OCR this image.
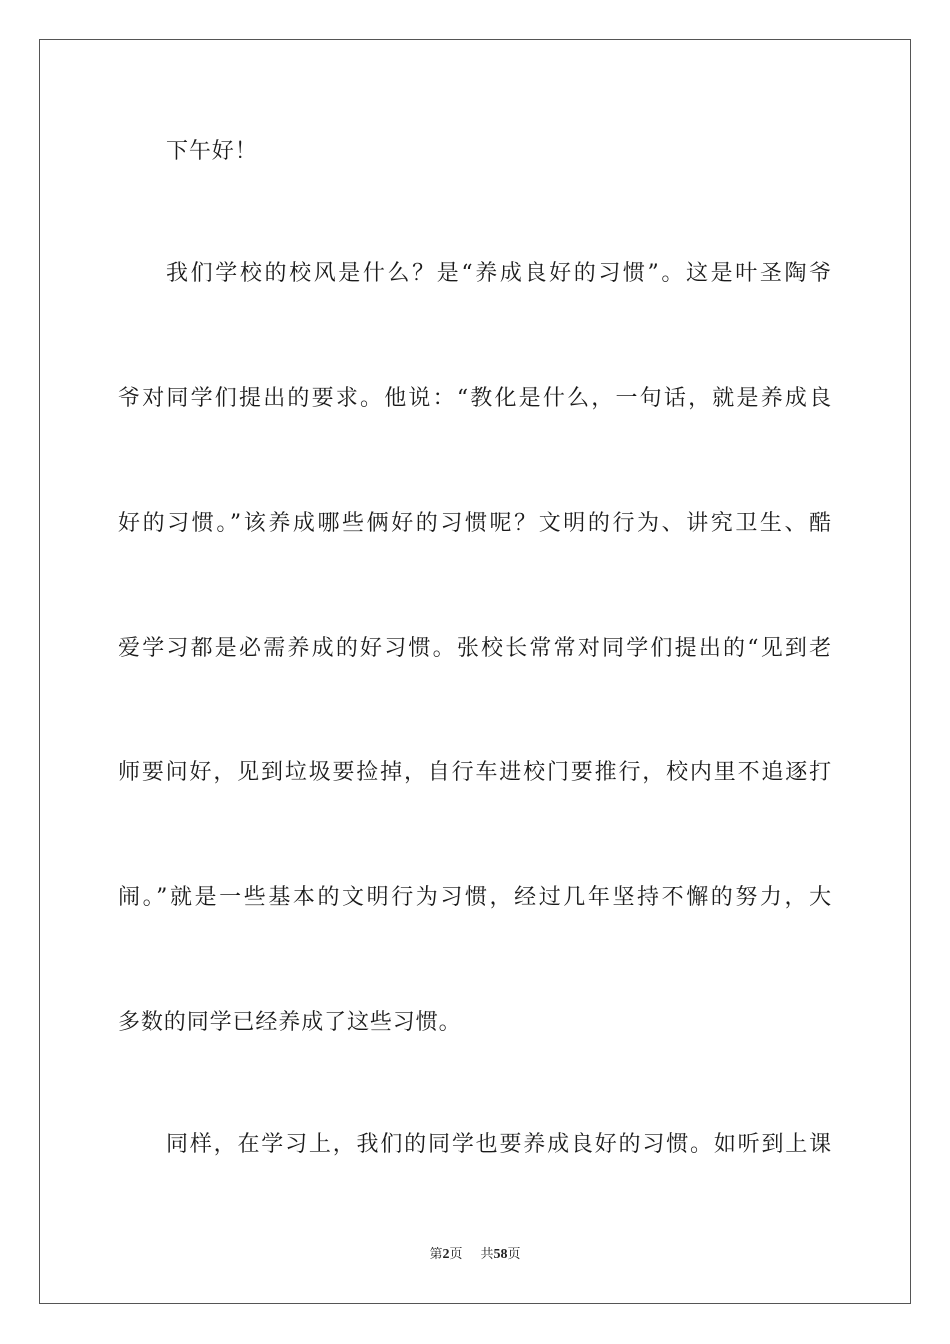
下午好！
我们学校的校风是什么？是“养成良好的习惯”。这是叶圣陶爷
爷对同学们提出的要求。他说：“教化是什么，一句话，就是养成良
好的习惯。”该养成哪些俩好的习惯呢？文明的行为、讲究卫生、酷
爱学习都是必需养成的好习惯。张校长常常对同学们提出的“见到老
师要问好，见到垃圾要捡掉，自行车进校门要推行，校内里不追逐打
闹。”就是一些基本的文明行为习惯，经过几年坚持不懈的努力，大
多数的同学已经养成了这些习惯。
同样，在学习上，我们的同学也要养成良好的习惯。如听到上课
第2页 共58页
